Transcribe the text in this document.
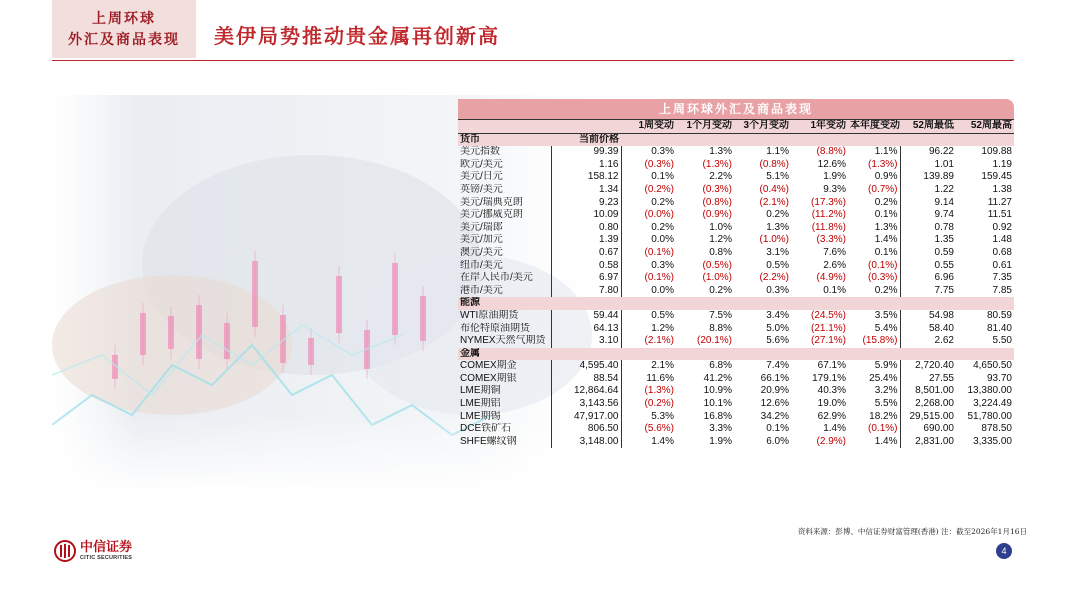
上周环球
外汇及商品表现	美伊局势推动贵金属再创新高
上周环球外汇及商品表现
		1周变动	1个月变动	3个月变动	1年变动	本年度变动	52周最低	52周最高
货币	当前价格							
美元指数	99.39	0.3%	1.3%	1.1%	(8.8%)	1.1%	96.22	109.88
欧元/美元	1.16	(0.3%)	(1.3%)	(0.8%)	12.6%	(1.3%)	1.01	1.19
美元/日元	158.12	0.1%	2.2%	5.1%	1.9%	0.9%	139.89	159.45
英镑/美元	1.34	(0.2%)	(0.3%)	(0.4%)	9.3%	(0.7%)	1.22	1.38
美元/瑞典克朗	9.23	0.2%	(0.8%)	(2.1%)	(17.3%)	0.2%	9.14	11.27
美元/挪威克朗	10.09	(0.0%)	(0.9%)	0.2%	(11.2%)	0.1%	9.74	11.51
美元/瑞郎	0.80	0.2%	1.0%	1.3%	(11.8%)	1.3%	0.78	0.92
美元/加元	1.39	0.0%	1.2%	(1.0%)	(3.3%)	1.4%	1.35	1.48
澳元/美元	0.67	(0.1%)	0.8%	3.1%	7.6%	0.1%	0.59	0.68
纽币/美元	0.58	0.3%	(0.5%)	0.5%	2.6%	(0.1%)	0.55	0.61
在岸人民币/美元	6.97	(0.1%)	(1.0%)	(2.2%)	(4.9%)	(0.3%)	6.96	7.35
港币/美元	7.80	0.0%	0.2%	0.3%	0.1%	0.2%	7.75	7.85
能源								
WTI原油期货	59.44	0.5%	7.5%	3.4%	(24.5%)	3.5%	54.98	80.59
布伦特原油期货	64.13	1.2%	8.8%	5.0%	(21.1%)	5.4%	58.40	81.40
NYMEX天然气期货	3.10	(2.1%)	(20.1%)	5.6%	(27.1%)	(15.8%)	2.62	5.50
金属								
COMEX期金	4,595.40	2.1%	6.8%	7.4%	67.1%	5.9%	2,720.40	4,650.50
COMEX期银	88.54	11.6%	41.2%	66.1%	179.1%	25.4%	27.55	93.70
LME期铜	12,864.64	(1.3%)	10.9%	20.9%	40.3%	3.2%	8,501.00	13,380.00
LME期铝	3,143.56	(0.2%)	10.1%	12.6%	19.0%	5.5%	2,268.00	3,224.49
LME期锡	47,917.00	5.3%	16.8%	34.2%	62.9%	18.2%	29,515.00	51,780.00
DCE铁矿石	806.50	(5.6%)	3.3%	0.1%	1.4%	(0.1%)	690.00	878.50
SHFE螺纹钢	3,148.00	1.4%	1.9%	6.0%	(2.9%)	1.4%	2,831.00	3,335.00
资料来源：彭博、中信证券财富管理(香港) 注：截至2026年1月16日
中信证券
CITIC SECURITIES
4
